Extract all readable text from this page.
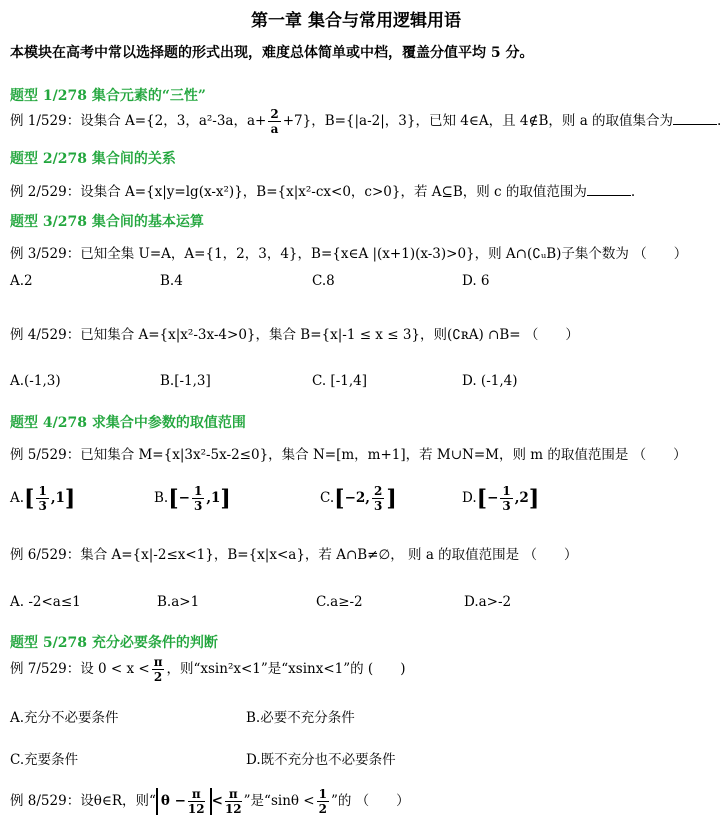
第一章 集合与常用逻辑用语
本模块在高考中常以选择题的形式出现，难度总体简单或中档，覆盖分值平均 5 分。
题型 1/278 集合元素的“三性”
例 1/529：设集合 A={2，3，a²-3a，$a+ \frac{2}{a} +7$}，B={|a-2|，3}，已知 4∈A，且 4∉B，则 a 的取值集合为	.
题型 2/278 集合间的关系
例 2/529：设集合 A={x|y=lg(x-x²)}，B={x|x²-cx<0，c>0}，若 A⊆B，则 c 的取值范围为	.
题型 3/278 集合间的基本运算
例 3/529：已知全集 U=A，A={1，2，3，4}，B={x∈A |(x+1)(x-3)>0}，则 A∩(∁ᵤB)子集个数为 （　　）
A.2	B.4	C.8	D. 6
例 4/529：已知集合 A={x|x²-3x-4>0}，集合 B={x|-1 ≤ x ≤ 3}，则(∁ʀA) ∩B= （　　）
A.(-1,3)	B.[-1,3]	C. [-1,4]	D. (-1,4)
题型 4/278 求集合中参数的取值范围
例 5/529：已知集合 M={x|3x²-5x-2≤0}，集合 N=[m，m+1]，若 M∪N=M，则 m 的取值范围是 （　　）
$A.[ \frac{1}{3} ,1]$	$B.[- \frac{1}{3} ,1]$	C.[−2, $\frac{2}{3}$ ]	$D.[- \frac{1}{3} ,2]$
例 6/529：集合 A={x|-2≤x<1}，B={x|x<a}，若 A∩B≠∅， 则 a 的取值范围是 （　　）
A. -2<a≤1	B.a>1	C.a≥-2	D.a>-2
题型 5/278 充分必要条件的判断
例 7/529：设 $0 < x < \frac{\pi}{2}$ ，则“xsin²x<1”是“xsinx<1”的 (　　)
A.充分不必要条件	B.必要不充分条件
C.充要条件	D.既不充分也不必要条件
例 8/529：设θ∈R，则“ $\theta - \frac{\pi}{12} < \frac{\pi}{12}$ ”是“$\sin\theta < \frac{1}{2}$ ”的 （　　）
